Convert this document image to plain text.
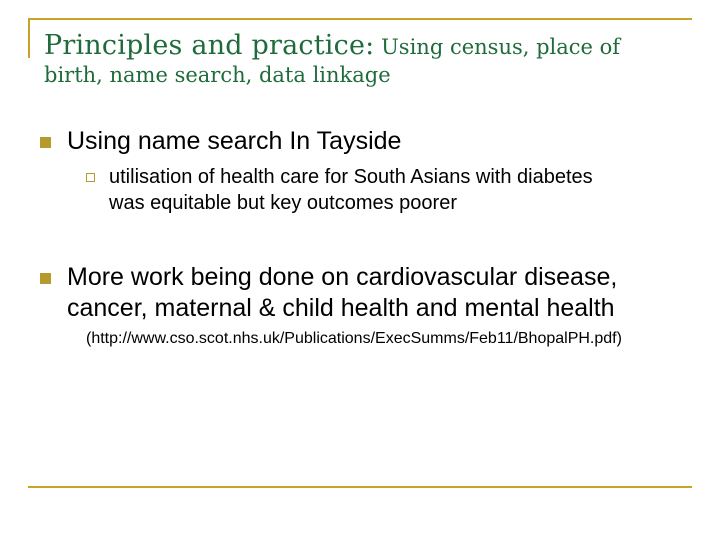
Principles and practice: Using census, place of birth, name search, data linkage
Using name search In Tayside
utilisation of health care for South Asians with diabetes was equitable but key outcomes poorer
More work being done on cardiovascular disease, cancer, maternal & child health and mental health
(http://www.cso.scot.nhs.uk/Publications/ExecSumms/Feb11/BhopalPH.pdf)
